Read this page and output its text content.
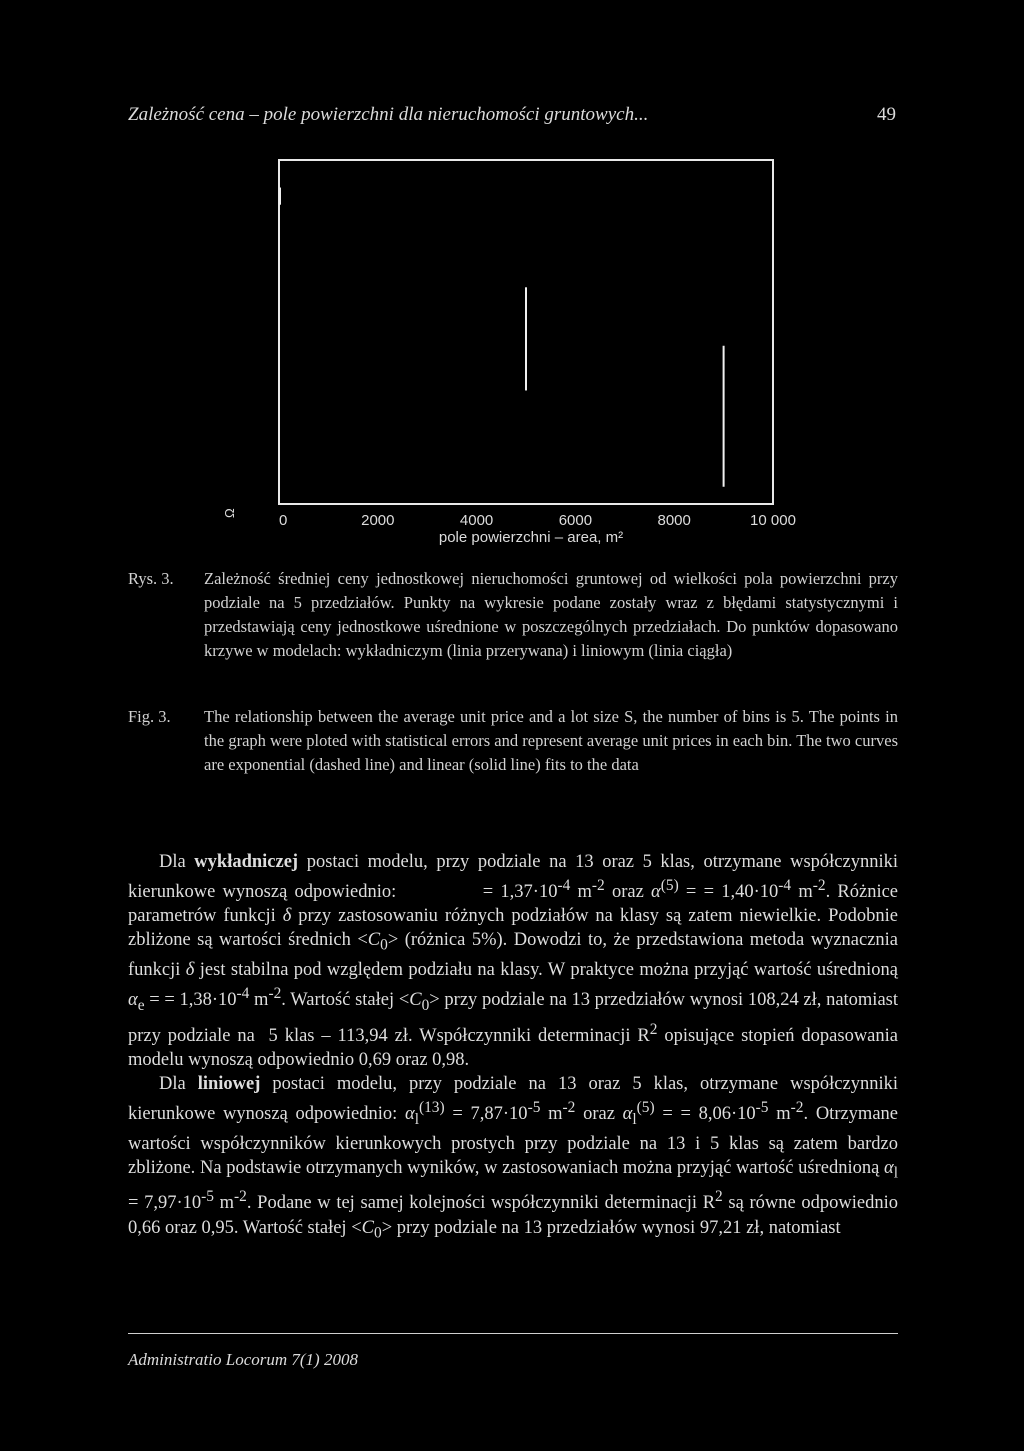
Zależność cena – pole powierzchni dla nieruchomości gruntowych...	49
0	2000	4000	6000	8000	10 000
Ω
pole powierzchni – area, m²
Rys. 3. Zależność średniej ceny jednostkowej nieruchomości gruntowej od wielkości pola powierzchni przy podziale na 5 przedziałów. Punkty na wykresie podane zostały wraz z błędami statystycznymi i przedstawiają ceny jednostkowe uśrednione w poszczególnych przedziałach. Do punktów dopasowano krzywe w modelach: wykładniczym (linia przerywana) i liniowym (linia ciągła)
Fig. 3. The relationship between the average unit price and a lot size S, the number of bins is 5. The points in the graph were ploted with statistical errors and represent average unit prices in each bin. The two curves are exponential (dashed line) and linear (solid line) fits to the data

Dla wykładniczej postaci modelu, przy podziale na 13 oraz 5 klas, otrzymane współczynniki kierunkowe wynoszą odpowiednio:            = $1,37\cdot 10^{-4}$ $m^{-2}$ oraz $\alpha^{(5)}$ = = $1,40\cdot 10^{-4}$ $m^{-2}$. Różnice parametrów funkcji δ przy zastosowaniu różnych podziałów na klasy są zatem niewielkie. Podobnie zbliżone są wartości średnich $<C_0>$ (różnica 5%). Dowodzi to, że przedstawiona metoda wyznacznia funkcji δ jest stabilna pod względem podziału na klasy. W praktyce można przyjąć wartość uśrednioną $\alpha_e$ = = $1,38\cdot 10^{-4}$ $m^{-2}$. Wartość stałej $<C_0>$ przy podziale na 13 przedziałów wynosi 108,24 zł, natomiast przy podziale na  5 klas – 113,94 zł. Współczynniki determinacji $R^2$ opisujące stopień dopasowania modelu wynoszą odpowiednio 0,69 oraz 0,98.

Dla liniowej postaci modelu, przy podziale na 13 oraz 5 klas, otrzymane współczynniki kierunkowe wynoszą odpowiednio: $\alpha_l^{(13)} = 7,87\cdot 10^{-5}$ $m^{-2}$ oraz $\alpha_l^{(5)}$ = = $8,06\cdot 10^{-5}$ $m^{-2}$. Otrzymane wartości współczynników kierunkowych prostych przy podziale na 13 i 5 klas są zatem bardzo zbliżone. Na podstawie otrzymanych wyników, w zastosowaniach można przyjąć wartość uśrednioną $\alpha_l = 7,97\cdot 10^{-5}$ $m^{-2}$. Podane w tej samej kolejności współczynniki determinacji $R^2$ są równe odpowiednio 0,66 oraz 0,95. Wartość stałej $<C_0>$ przy podziale na 13 przedziałów wynosi 97,21 zł, natomiast

Administratio Locorum 7(1) 2008
